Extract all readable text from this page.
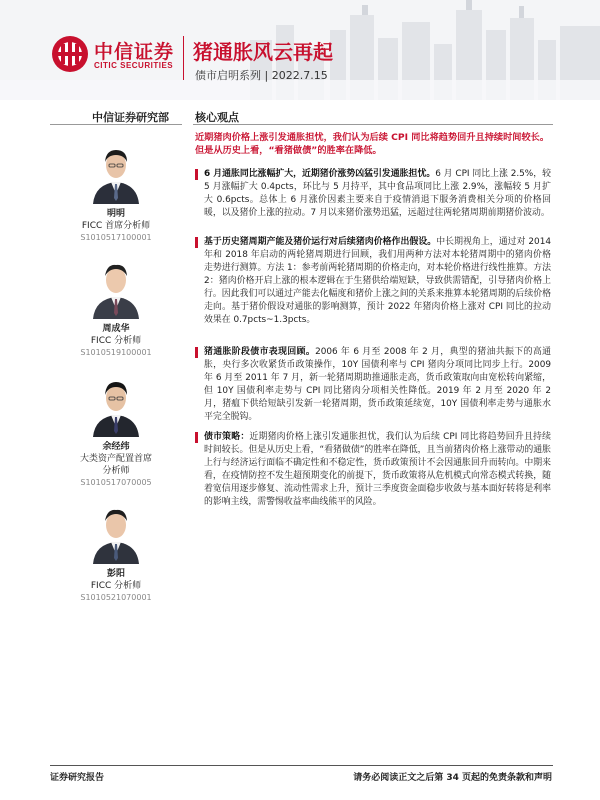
中信证券
CITIC SECURITIES
猪通胀风云再起
债市启明系列 | 2022.7.15
中信证券研究部 核心观点
明明
FICC 首席分析师
S1010517100001
周成华
FICC 分析师
S1010519100001
余经纬
大类资产配置首席
分析师
S1010517070005
彭阳
FICC 分析师
S1010521070001
近期猪肉价格上涨引发通胀担忧，我们认为后续 CPI 同比将趋势回升且持续时间较长。但是从历史上看，“看猪做债”的胜率在降低。
6 月通胀同比涨幅扩大，近期猪价涨势凶猛引发通胀担忧。6 月 CPI 同比上涨 2.5%，较 5 月涨幅扩大 0.4pcts，环比与 5 月持平，其中食品项同比上涨 2.9%，涨幅较 5 月扩大 0.6pcts。总体上 6 月涨价因素主要来自于疫情消退下服务消费相关分项的价格回暖，以及猪价上涨的拉动。7 月以来猪价涨势迅猛，远超过往两轮猪周期前期猪价波动。
基于历史猪周期产能及猪价运行对后续猪肉价格作出假设。中长期视角上，通过对 2014 年和 2018 年启动的两轮猪周期进行回顾，我们用两种方法对本轮猪周期中的猪肉价格走势进行测算。方法 1：参考前两轮猪周期的价格走向，对本轮价格进行线性推算。方法 2：猪肉价格开启上涨的根本逻辑在于生猪供给端短缺，导致供需错配，引导猪肉价格上行。因此我们可以通过产能去化幅度和猪价上涨之间的关系来推算本轮猪周期的后续价格走向。基于猪价假设对通胀的影响测算，预计 2022 年猪肉价格上涨对 CPI 同比的拉动效果在 0.7pcts~1.3pcts。
猪通胀阶段债市表现回顾。2006 年 6 月至 2008 年 2 月，典型的猪油共振下的高通胀，央行多次收紧货币政策操作，10Y 国债利率与 CPI 猪肉分项同比同步上行。2009 年 6 月至 2011 年 7 月，新一轮猪周期助推通胀走高，货币政策取向由宽松转向紧缩，但 10Y 国债利率走势与 CPI 同比猪肉分项相关性降低。2019 年 2 月至 2020 年 2 月，猪瘟下供给短缺引发新一轮猪周期，货币政策延续宽，10Y 国债利率走势与通胀水平完全脱钩。
债市策略：近期猪肉价格上涨引发通胀担忧，我们认为后续 CPI 同比将趋势回升且持续时间较长。但是从历史上看，“看猪做债”的胜率在降低，且当前猪肉价格上涨带动的通胀上行与经济运行面临不确定性和不稳定性，货币政策预计不会因通胀回升而转向。中期来看，在疫情防控不发生超预期变化的前提下，货币政策将从危机模式向常态模式转换，随着宽信用逐步修复、流动性需求上升，预计三季度资金面稳步收敛与基本面好转将是利率的影响主线，需警惕收益率曲线熊平的风险。
证券研究报告	请务必阅读正文之后第 34 页起的免责条款和声明
